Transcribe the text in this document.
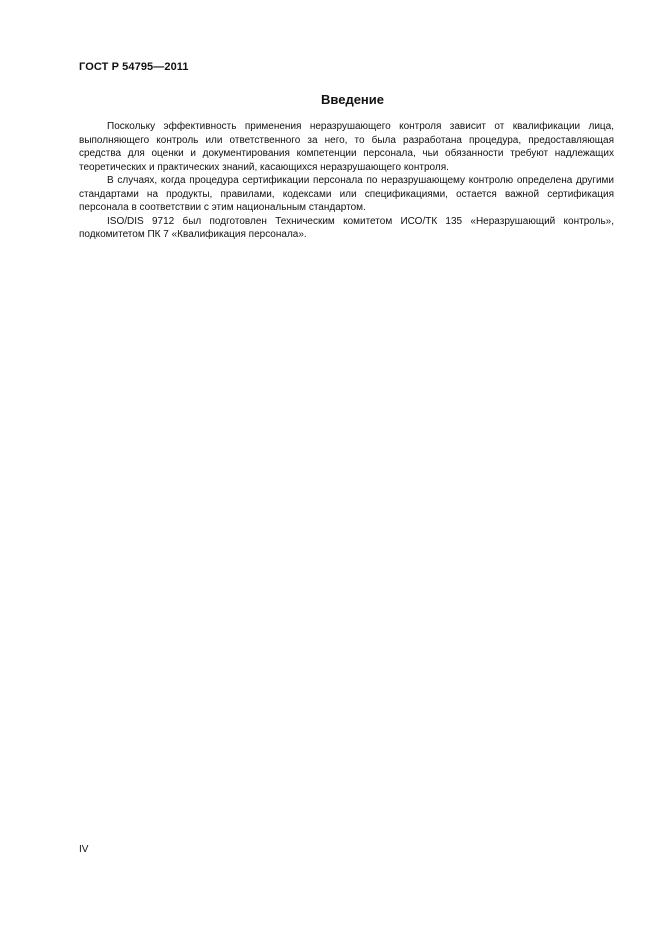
ГОСТ Р 54795—2011
Введение

Поскольку эффективность применения неразрушающего контроля зависит от квалификации лица, выполняющего контроль или ответственного за него, то была разработана процедура, предоставляющая средства для оценки и документирования компетенции персонала, чьи обязанности требуют надлежащих теоретических и практических знаний, касающихся неразрушающего контроля.

В случаях, когда процедура сертификации персонала по неразрушающему контролю определена другими стандартами на продукты, правилами, кодексами или спецификациями, остается важной сертификация персонала в соответствии с этим национальным стандартом.

ISO/DIS 9712 был подготовлен Техническим комитетом ИСО/ТК 135 «Неразрушающий контроль», подкомитетом ПК 7 «Квалификация персонала».

IV
